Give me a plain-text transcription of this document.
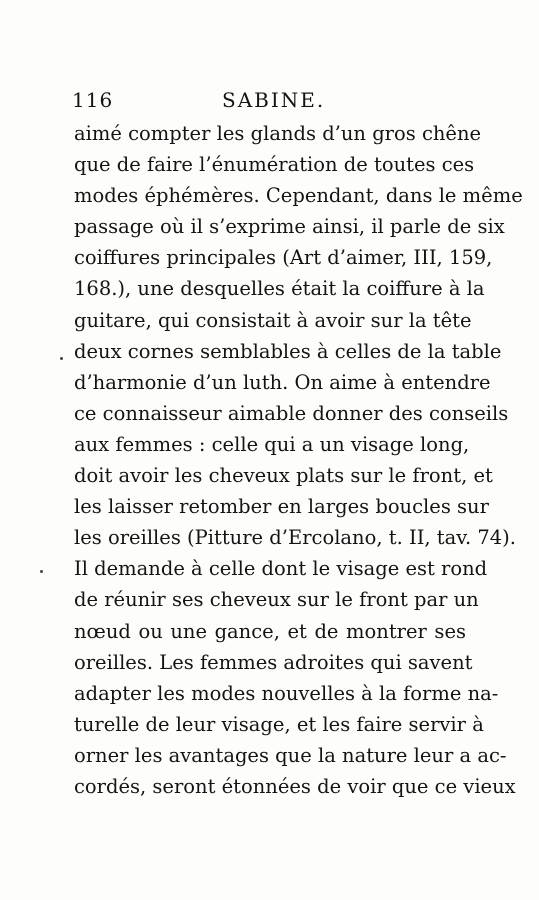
116	SABINE.
aimé compter les glands d’un gros chêne
que de faire l’énumération de toutes ces
modes éphémères. Cependant, dans le même
passage où il s’exprime ainsi, il parle de six
coiffures principales (Art d’aimer, III, 159,
168.), une desquelles était la coiffure à la
guitare, qui consistait à avoir sur la tête
deux cornes semblables à celles de la table
d’harmonie d’un luth. On aime à entendre
ce connaisseur aimable donner des conseils
aux femmes : celle qui a un visage long,
doit avoir les cheveux plats sur le front, et
les laisser retomber en larges boucles sur
les oreilles (Pitture d’Ercolano, t. II, tav. 74).
Il demande à celle dont le visage est rond
de réunir ses cheveux sur le front par un
nœud ou une gance, et de montrer ses
oreilles. Les femmes adroites qui savent
adapter les modes nouvelles à la forme na-
turelle de leur visage, et les faire servir à
orner les avantages que la nature leur a ac-
cordés, seront étonnées de voir que ce vieux
